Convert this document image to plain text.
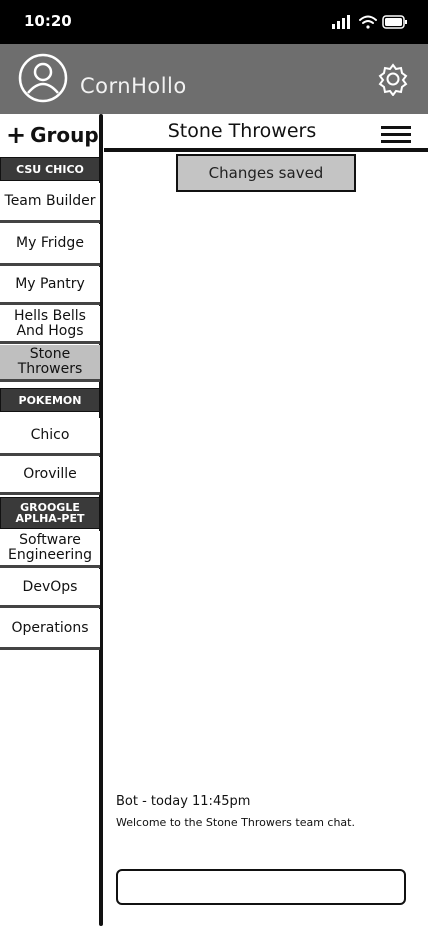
10:20
CornHollo
+ Group	Stone Throwers
CSU CHICO
Team Builder
My Fridge
My Pantry
Hells Bells And Hogs
Stone Throwers
POKEMON
Chico
Oroville
GROOGLE APLHA-PET
Software Engineering
DevOps
Operations
Changes saved
Bot - today 11:45pm
Welcome to the Stone Throwers team chat.
